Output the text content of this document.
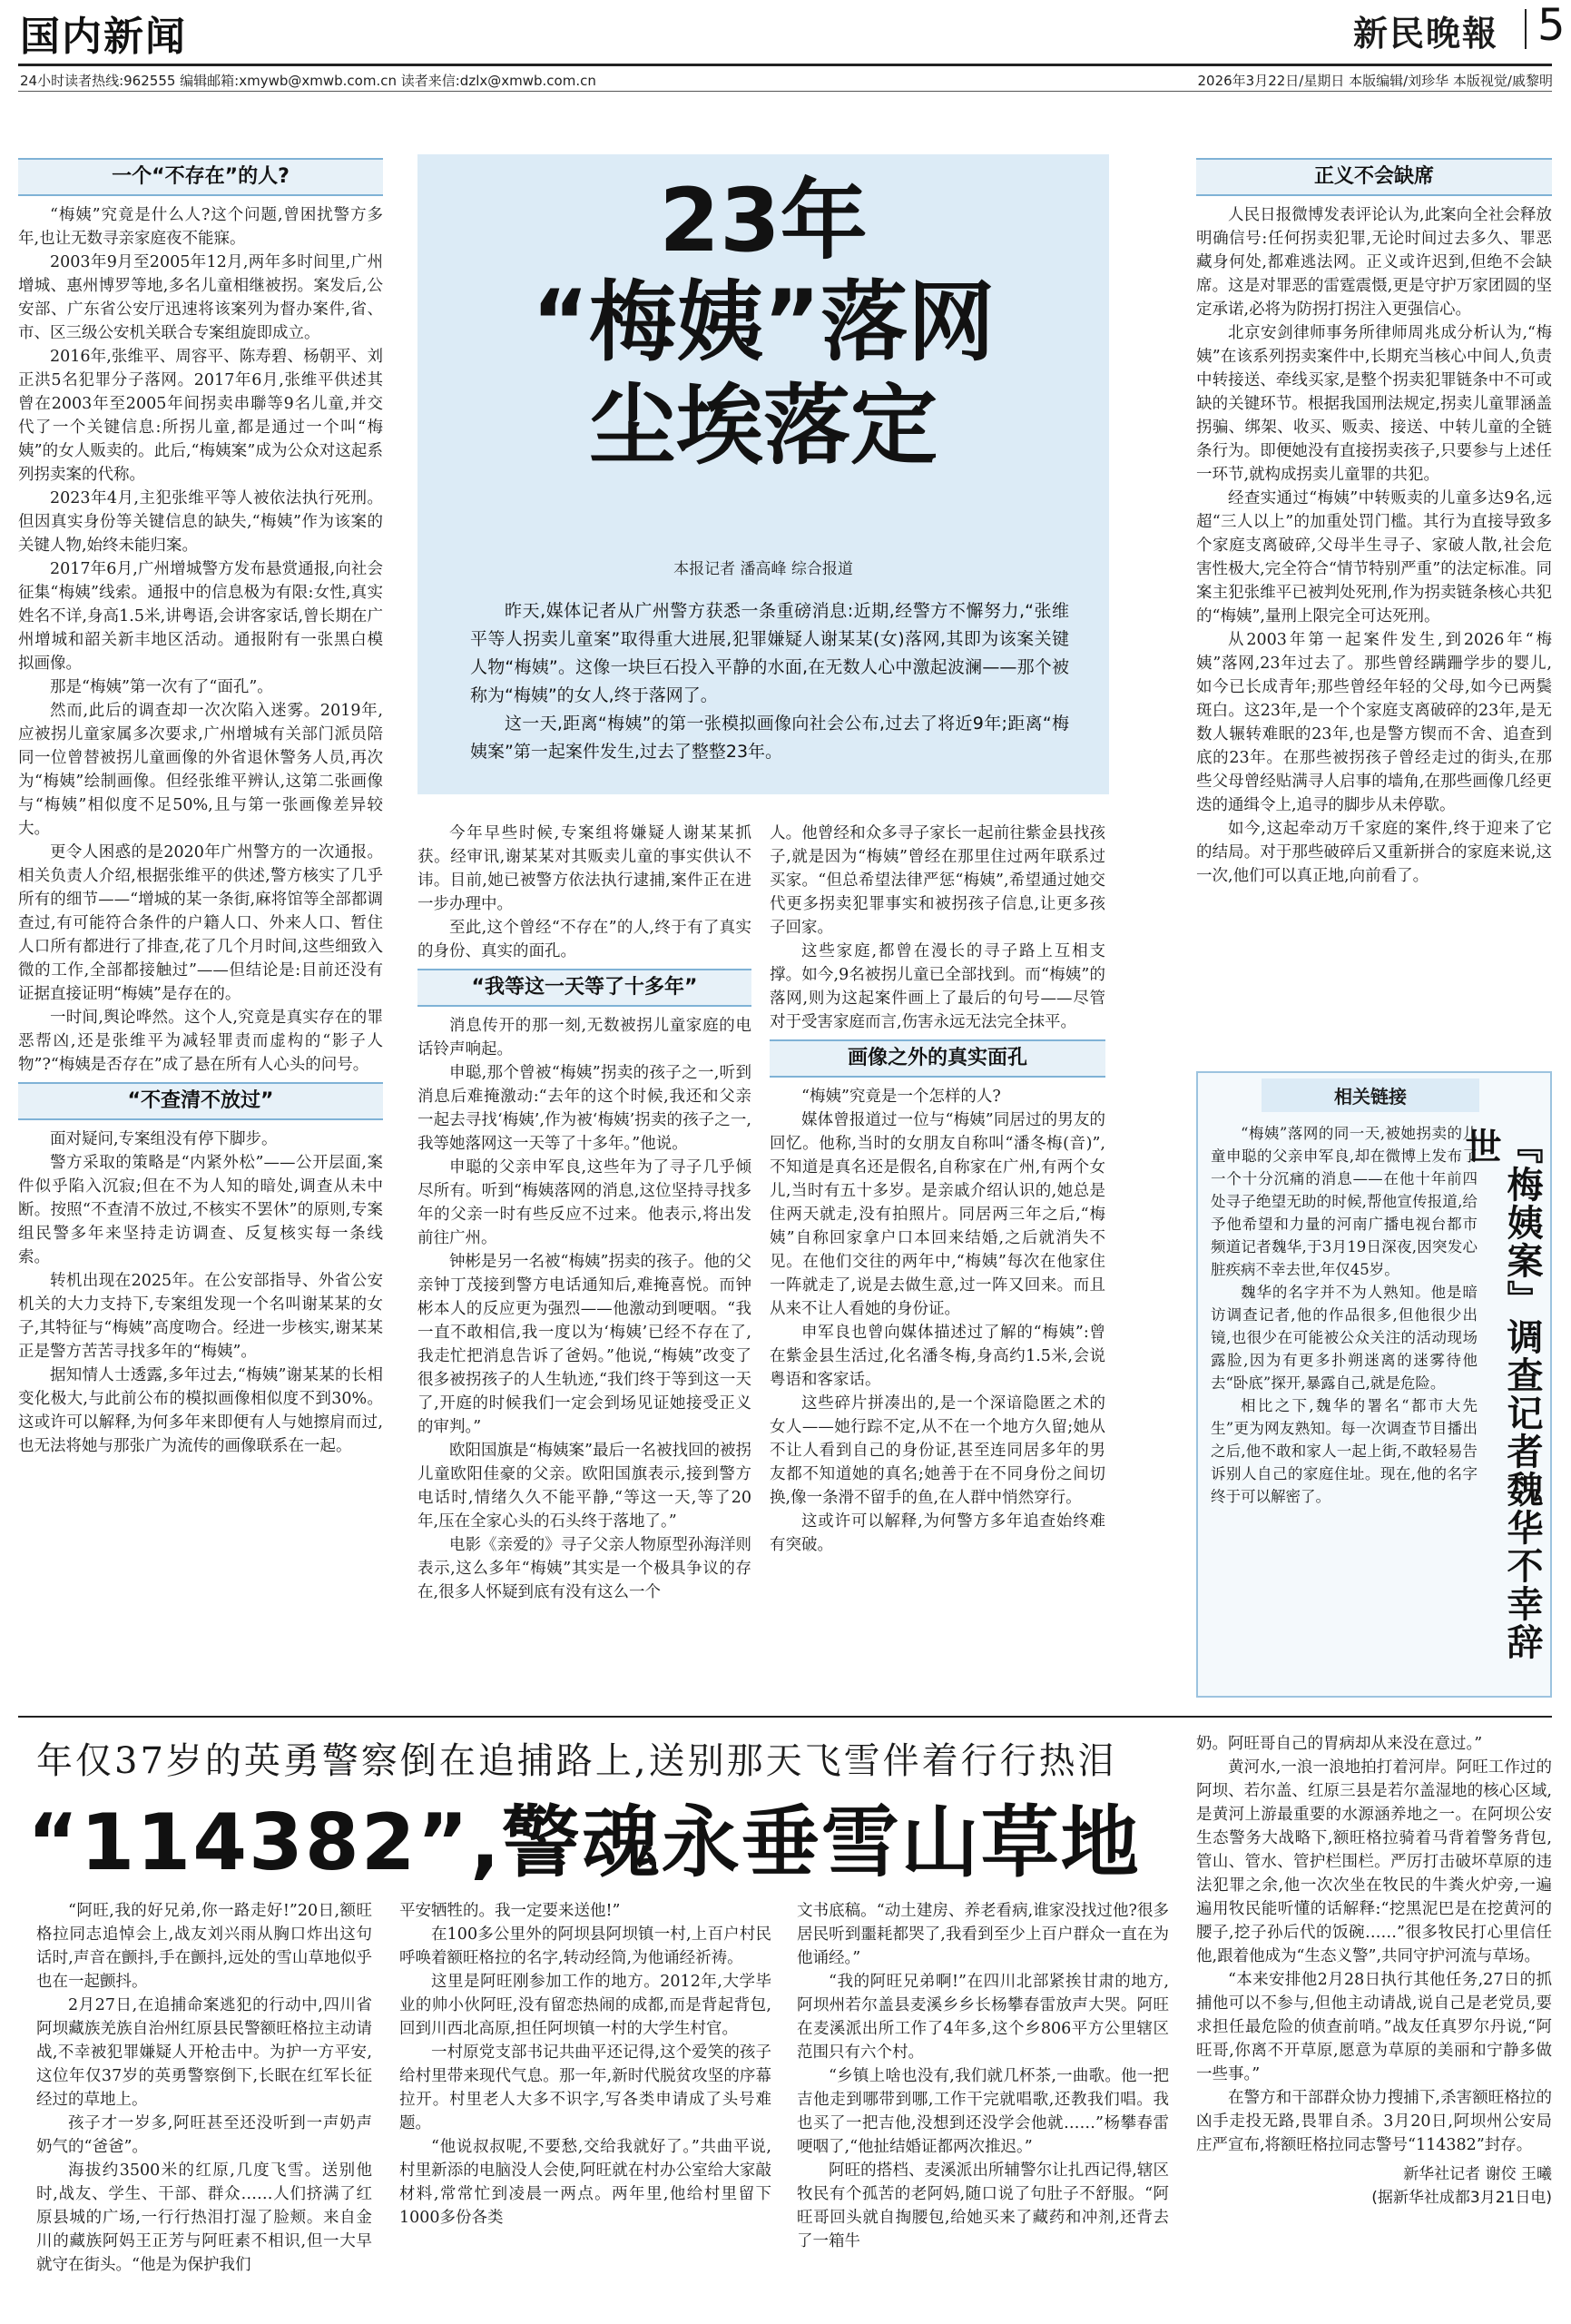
国内新闻	新民晚報 5
24小时读者热线:962555 编辑邮箱:xmywb@xmwb.com.cn 读者来信:dzlx@xmwb.com.cn	2026年3月22日/星期日 本版编辑/刘珍华 本版视觉/戚黎明
一个“不存在”的人?

“梅姨”究竟是什么人?这个问题,曾困扰警方多年,也让无数寻亲家庭夜不能寐。

2003年9月至2005年12月,两年多时间里,广州增城、惠州博罗等地,多名儿童相继被拐。案发后,公安部、广东省公安厅迅速将该案列为督办案件,省、市、区三级公安机关联合专案组旋即成立。

2016年,张维平、周容平、陈寿碧、杨朝平、刘正洪5名犯罪分子落网。2017年6月,张维平供述其曾在2003年至2005年间拐卖串聯等9名儿童,并交代了一个关键信息:所拐儿童,都是通过一个叫“梅姨”的女人贩卖的。此后,“梅姨案”成为公众对这起系列拐卖案的代称。

2023年4月,主犯张维平等人被依法执行死刑。但因真实身份等关键信息的缺失,“梅姨”作为该案的关键人物,始终未能归案。

2017年6月,广州增城警方发布悬赏通报,向社会征集“梅姨”线索。通报中的信息极为有限:女性,真实姓名不详,身高1.5米,讲粤语,会讲客家话,曾长期在广州增城和韶关新丰地区活动。通报附有一张黑白模拟画像。

那是“梅姨”第一次有了“面孔”。

然而,此后的调查却一次次陷入迷雾。2019年,应被拐儿童家属多次要求,广州增城有关部门派员陪同一位曾替被拐儿童画像的外省退休警务人员,再次为“梅姨”绘制画像。但经张维平辨认,这第二张画像与“梅姨”相似度不足50%,且与第一张画像差异较大。

更令人困惑的是2020年广州警方的一次通报。相关负责人介绍,根据张维平的供述,警方核实了几乎所有的细节——“增城的某一条街,麻将馆等全部都调查过,有可能符合条件的户籍人口、外来人口、暂住人口所有都进行了排查,花了几个月时间,这些细致入微的工作,全部都接触过”——但结论是:目前还没有证据直接证明“梅姨”是存在的。

一时间,舆论哗然。这个人,究竟是真实存在的罪恶帮凶,还是张维平为减轻罪责而虚构的“影子人物”?“梅姨是否存在”成了悬在所有人心头的问号。

“不查清不放过”

面对疑问,专案组没有停下脚步。

警方采取的策略是“内紧外松”——公开层面,案件似乎陷入沉寂;但在不为人知的暗处,调查从未中断。按照“不查清不放过,不核实不罢休”的原则,专案组民警多年来坚持走访调查、反复核实每一条线索。

转机出现在2025年。在公安部指导、外省公安机关的大力支持下,专案组发现一个名叫谢某某的女子,其特征与“梅姨”高度吻合。经进一步核实,谢某某正是警方苦苦寻找多年的“梅姨”。

据知情人士透露,多年过去,“梅姨”谢某某的长相变化极大,与此前公布的模拟画像相似度不到30%。这或许可以解释,为何多年来即便有人与她擦肩而过,也无法将她与那张广为流传的画像联系在一起。

23年
“梅姨”落网
尘埃落定
本报记者 潘高峰 综合报道

昨天,媒体记者从广州警方获悉一条重磅消息:近期,经警方不懈努力,“张维平等人拐卖儿童案”取得重大进展,犯罪嫌疑人谢某某(女)落网,其即为该案关键人物“梅姨”。这像一块巨石投入平静的水面,在无数人心中激起波澜——那个被称为“梅姨”的女人,终于落网了。

这一天,距离“梅姨”的第一张模拟画像向社会公布,过去了将近9年;距离“梅姨案”第一起案件发生,过去了整整23年。

今年早些时候,专案组将嫌疑人谢某某抓获。经审讯,谢某某对其贩卖儿童的事实供认不讳。目前,她已被警方依法执行逮捕,案件正在进一步办理中。

至此,这个曾经“不存在”的人,终于有了真实的身份、真实的面孔。

“我等这一天等了十多年”

消息传开的那一刻,无数被拐儿童家庭的电话铃声响起。

申聪,那个曾被“梅姨”拐卖的孩子之一,听到消息后难掩激动:“去年的这个时候,我还和父亲一起去寻找‘梅姨’,作为被‘梅姨’拐卖的孩子之一,我等她落网这一天等了十多年。”他说。

申聪的父亲申军良,这些年为了寻子几乎倾尽所有。听到“梅姨落网的消息,这位坚持寻找多年的父亲一时有些反应不过来。他表示,将出发前往广州。

钟彬是另一名被“梅姨”拐卖的孩子。他的父亲钟丁茂接到警方电话通知后,难掩喜悦。而钟彬本人的反应更为强烈——他激动到哽咽。“我一直不敢相信,我一度以为‘梅姨’已经不存在了,我走忙把消息告诉了爸妈。”他说,“梅姨”改变了很多被拐孩子的人生轨迹,“我们终于等到这一天了,开庭的时候我们一定会到场见证她接受正义的审判。”

欧阳国旗是“梅姨案”最后一名被找回的被拐儿童欧阳佳豪的父亲。欧阳国旗表示,接到警方电话时,情绪久久不能平静,“等这一天,等了20年,压在全家心头的石头终于落地了。”

电影《亲爱的》寻子父亲人物原型孙海洋则表示,这么多年“梅姨”其实是一个极具争议的存在,很多人怀疑到底有没有这么一个

人。他曾经和众多寻子家长一起前往紫金县找孩子,就是因为“梅姨”曾经在那里住过两年联系过买家。“但总希望法律严惩“梅姨”,希望通过她交代更多拐卖犯罪事实和被拐孩子信息,让更多孩子回家。

这些家庭,都曾在漫长的寻子路上互相支撑。如今,9名被拐儿童已全部找到。而“梅姨”的落网,则为这起案件画上了最后的句号——尽管对于受害家庭而言,伤害永远无法完全抹平。

画像之外的真实面孔

“梅姨”究竟是一个怎样的人?

媒体曾报道过一位与“梅姨”同居过的男友的回忆。他称,当时的女朋友自称叫“潘冬梅(音)”,不知道是真名还是假名,自称家在广州,有两个女儿,当时有五十多岁。是亲戚介绍认识的,她总是住两天就走,没有拍照片。同居两三年之后,“梅姨”自称回家拿户口本回来结婚,之后就消失不见。在他们交往的两年中,“梅姨”每次在他家住一阵就走了,说是去做生意,过一阵又回来。而且从来不让人看她的身份证。

申军良也曾向媒体描述过了解的“梅姨”:曾在紫金县生活过,化名潘冬梅,身高约1.5米,会说粤语和客家话。

这些碎片拼凑出的,是一个深谙隐匿之术的女人——她行踪不定,从不在一个地方久留;她从不让人看到自己的身份证,甚至连同居多年的男友都不知道她的真名;她善于在不同身份之间切换,像一条滑不留手的鱼,在人群中悄然穿行。

这或许可以解释,为何警方多年追查始终难有突破。

正义不会缺席

人民日报微博发表评论认为,此案向全社会释放明确信号:任何拐卖犯罪,无论时间过去多久、罪恶藏身何处,都难逃法网。正义或许迟到,但绝不会缺席。这是对罪恶的雷霆震慑,更是守护万家团圆的坚定承诺,必将为防拐打拐注入更强信心。

北京安剑律师事务所律师周兆成分析认为,“梅姨”在该系列拐卖案件中,长期充当核心中间人,负责中转接送、牵线买家,是整个拐卖犯罪链条中不可或缺的关键环节。根据我国刑法规定,拐卖儿童罪涵盖拐骗、绑架、收买、贩卖、接送、中转儿童的全链条行为。即便她没有直接拐卖孩子,只要参与上述任一环节,就构成拐卖儿童罪的共犯。

经查实通过“梅姨”中转贩卖的儿童多达9名,远超“三人以上”的加重处罚门槛。其行为直接导致多个家庭支离破碎,父母半生寻子、家破人散,社会危害性极大,完全符合“情节特别严重”的法定标准。同案主犯张维平已被判处死刑,作为拐卖链条核心共犯的“梅姨”,量刑上限完全可达死刑。

从2003年第一起案件发生,到2026年“梅姨”落网,23年过去了。那些曾经蹒跚学步的婴儿,如今已长成青年;那些曾经年轻的父母,如今已两鬓斑白。这23年,是一个个家庭支离破碎的23年,是无数人辗转难眠的23年,也是警方锲而不舍、追查到底的23年。在那些被拐孩子曾经走过的街头,在那些父母曾经贴满寻人启事的墙角,在那些画像几经更迭的通缉令上,追寻的脚步从未停歇。

如今,这起牵动万千家庭的案件,终于迎来了它的结局。对于那些破碎后又重新拼合的家庭来说,这一次,他们可以真正地,向前看了。

相关链接

“梅姨”落网的同一天,被她拐卖的儿童申聪的父亲申军良,却在微博上发布了一个十分沉痛的消息——在他十年前四处寻子绝望无助的时候,帮他宣传报道,给予他希望和力量的河南广播电视台都市频道记者魏华,于3月19日深夜,因突发心脏疾病不幸去世,年仅45岁。

魏华的名字并不为人熟知。他是暗访调查记者,他的作品很多,但他很少出镜,也很少在可能被公众关注的活动现场露脸,因为有更多扑朔迷离的迷雾待他去“卧底”探开,暴露自己,就是危险。

相比之下,魏华的署名“都市大先生”更为网友熟知。每一次调查节目播出之后,他不敢和家人一起上街,不敢轻易告诉别人自己的家庭住址。现在,他的名字终于可以解密了。	『梅姨案』调查记者魏华不幸辞世
年仅37岁的英勇警察倒在追捕路上,送别那天飞雪伴着行行热泪
“114382”,警魂永垂雪山草地

“阿旺,我的好兄弟,你一路走好!”20日,额旺格拉同志追悼会上,战友刘兴雨从胸口炸出这句话时,声音在颤抖,手在颤抖,远处的雪山草地似乎也在一起颤抖。

2月27日,在追捕命案逃犯的行动中,四川省阿坝藏族羌族自治州红原县民警额旺格拉主动请战,不幸被犯罪嫌疑人开枪击中。为护一方平安,这位年仅37岁的英勇警察倒下,长眠在红军长征经过的草地上。

孩子才一岁多,阿旺甚至还没听到一声奶声奶气的“爸爸”。

海拔约3500米的红原,几度飞雪。送别他时,战友、学生、干部、群众……人们挤满了红原县城的广场,一行行热泪打湿了脸颊。来自金川的藏族阿妈王正芳与阿旺素不相识,但一大早就守在街头。“他是为保护我们

平安牺牲的。我一定要来送他!”

在100多公里外的阿坝县阿坝镇一村,上百户村民呼唤着额旺格拉的名字,转动经筒,为他诵经祈祷。

这里是阿旺刚参加工作的地方。2012年,大学毕业的帅小伙阿旺,没有留恋热闹的成都,而是背起背包,回到川西北高原,担任阿坝镇一村的大学生村官。

一村原党支部书记共曲平还记得,这个爱笑的孩子给村里带来现代气息。那一年,新时代脱贫攻坚的序幕拉开。村里老人大多不识字,写各类申请成了头号难题。

“他说叔叔呢,不要愁,交给我就好了。”共曲平说,村里新添的电脑没人会使,阿旺就在村办公室给大家敲材料,常常忙到凌晨一两点。两年里,他给村里留下1000多份各类

文书底稿。“动土建房、养老看病,谁家没找过他?很多居民听到噩耗都哭了,我看到至少上百户群众一直在为他诵经。”

“我的阿旺兄弟啊!”在四川北部紧挨甘肃的地方,阿坝州若尔盖县麦溪乡乡长杨攀春雷放声大哭。阿旺在麦溪派出所工作了4年多,这个乡806平方公里辖区范围只有六个村。

“乡镇上啥也没有,我们就几杯茶,一曲歌。他一把吉他走到哪带到哪,工作干完就唱歌,还教我们唱。我也买了一把吉他,没想到还没学会他就……”杨攀春雷哽咽了,“他扯结婚证都两次推迟。”

阿旺的搭档、麦溪派出所辅警尔让扎西记得,辖区牧民有个孤苦的老阿妈,随口说了句肚子不舒服。“阿旺哥回头就自掏腰包,给她买来了藏药和冲剂,还背去了一箱牛

奶。阿旺哥自己的胃病却从来没在意过。”

黄河水,一浪一浪地拍打着河岸。阿旺工作过的阿坝、若尔盖、红原三县是若尔盖湿地的核心区域,是黄河上游最重要的水源涵养地之一。在阿坝公安生态警务大战略下,额旺格拉骑着马背着警务背包,管山、管水、管护栏围栏。严厉打击破坏草原的违法犯罪之余,他一次次坐在牧民的牛粪火炉旁,一遍遍用牧民能听懂的话解释:“挖黑泥巴是在挖黄河的腰子,挖子孙后代的饭碗……”很多牧民打心里信任他,跟着他成为“生态义警”,共同守护河流与草场。

“本来安排他2月28日执行其他任务,27日的抓捕他可以不参与,但他主动请战,说自己是老党员,要求担任最危险的侦查前哨。”战友任真罗尔丹说,“阿旺哥,你离不开草原,愿意为草原的美丽和宁静多做一些事。”

在警方和干部群众协力搜捕下,杀害额旺格拉的凶手走投无路,畏罪自杀。3月20日,阿坝州公安局庄严宣布,将额旺格拉同志警号“114382”封存。

新华社记者 谢佼 王曦
(据新华社成都3月21日电)
